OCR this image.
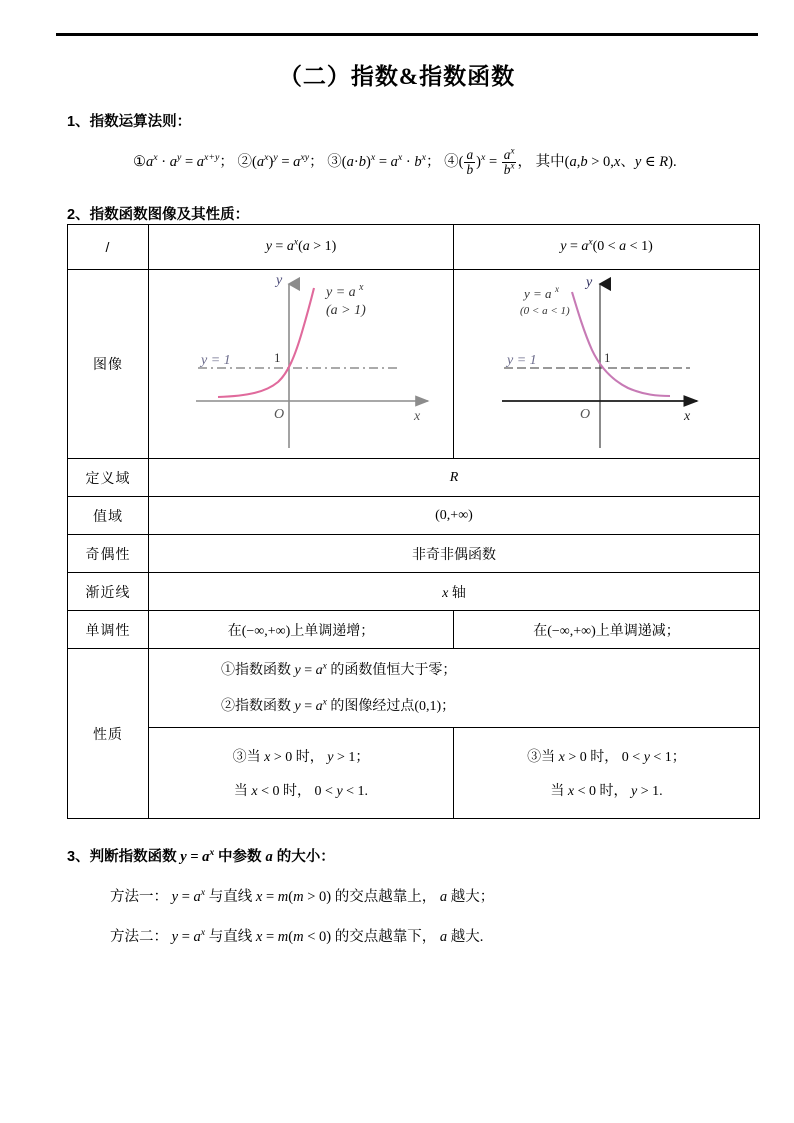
（二）指数&指数函数
1、指数运算法则：
$①a^x \cdot a^y = a^{x+y}$； $②(a^x)^y = a^{xy}$； $③(a\cdot b)^x = a^x \cdot b^x$； ④( $\frac{a}{b} )^x = \frac{a^x}{b^x}$ ， 其中(a,b > 0,x、y ∈ R).
2、指数函数图像及其性质：
/	$y = a^x(a > 1)$	$y = a^x(0 < a < 1)$
图像	
y
x
O
1
y = 1
y = a x
(a > 1)

y
x
O
1
y = 1
y = a x
(0 < a < 1)

定义域	R	
值域	(0,+∞)	
奇偶性	非奇非偶函数	
渐近线	x 轴	
单调性	在(−∞,+∞)上单调递增；	在(−∞,+∞)上单调递减；
性质	①指数函数 $y = a^x$ 的函数值恒大于零；
②指数函数 $y = a^x$ 的图像经过点(0,1)；	

③当 x > 0 时， y > 1；
当 x < 0 时， 0 < y < 1.

③当 x > 0 时， 0 < y < 1；
当 x < 0 时， y > 1.
3、判断指数函数 $y = a^x$ 中参数 a 的大小：
方法一： $y = a^x$ 与直线 x = m(m > 0) 的交点越靠上， a 越大；
方法二： $y = a^x$ 与直线 x = m(m < 0) 的交点越靠下， a 越大.
